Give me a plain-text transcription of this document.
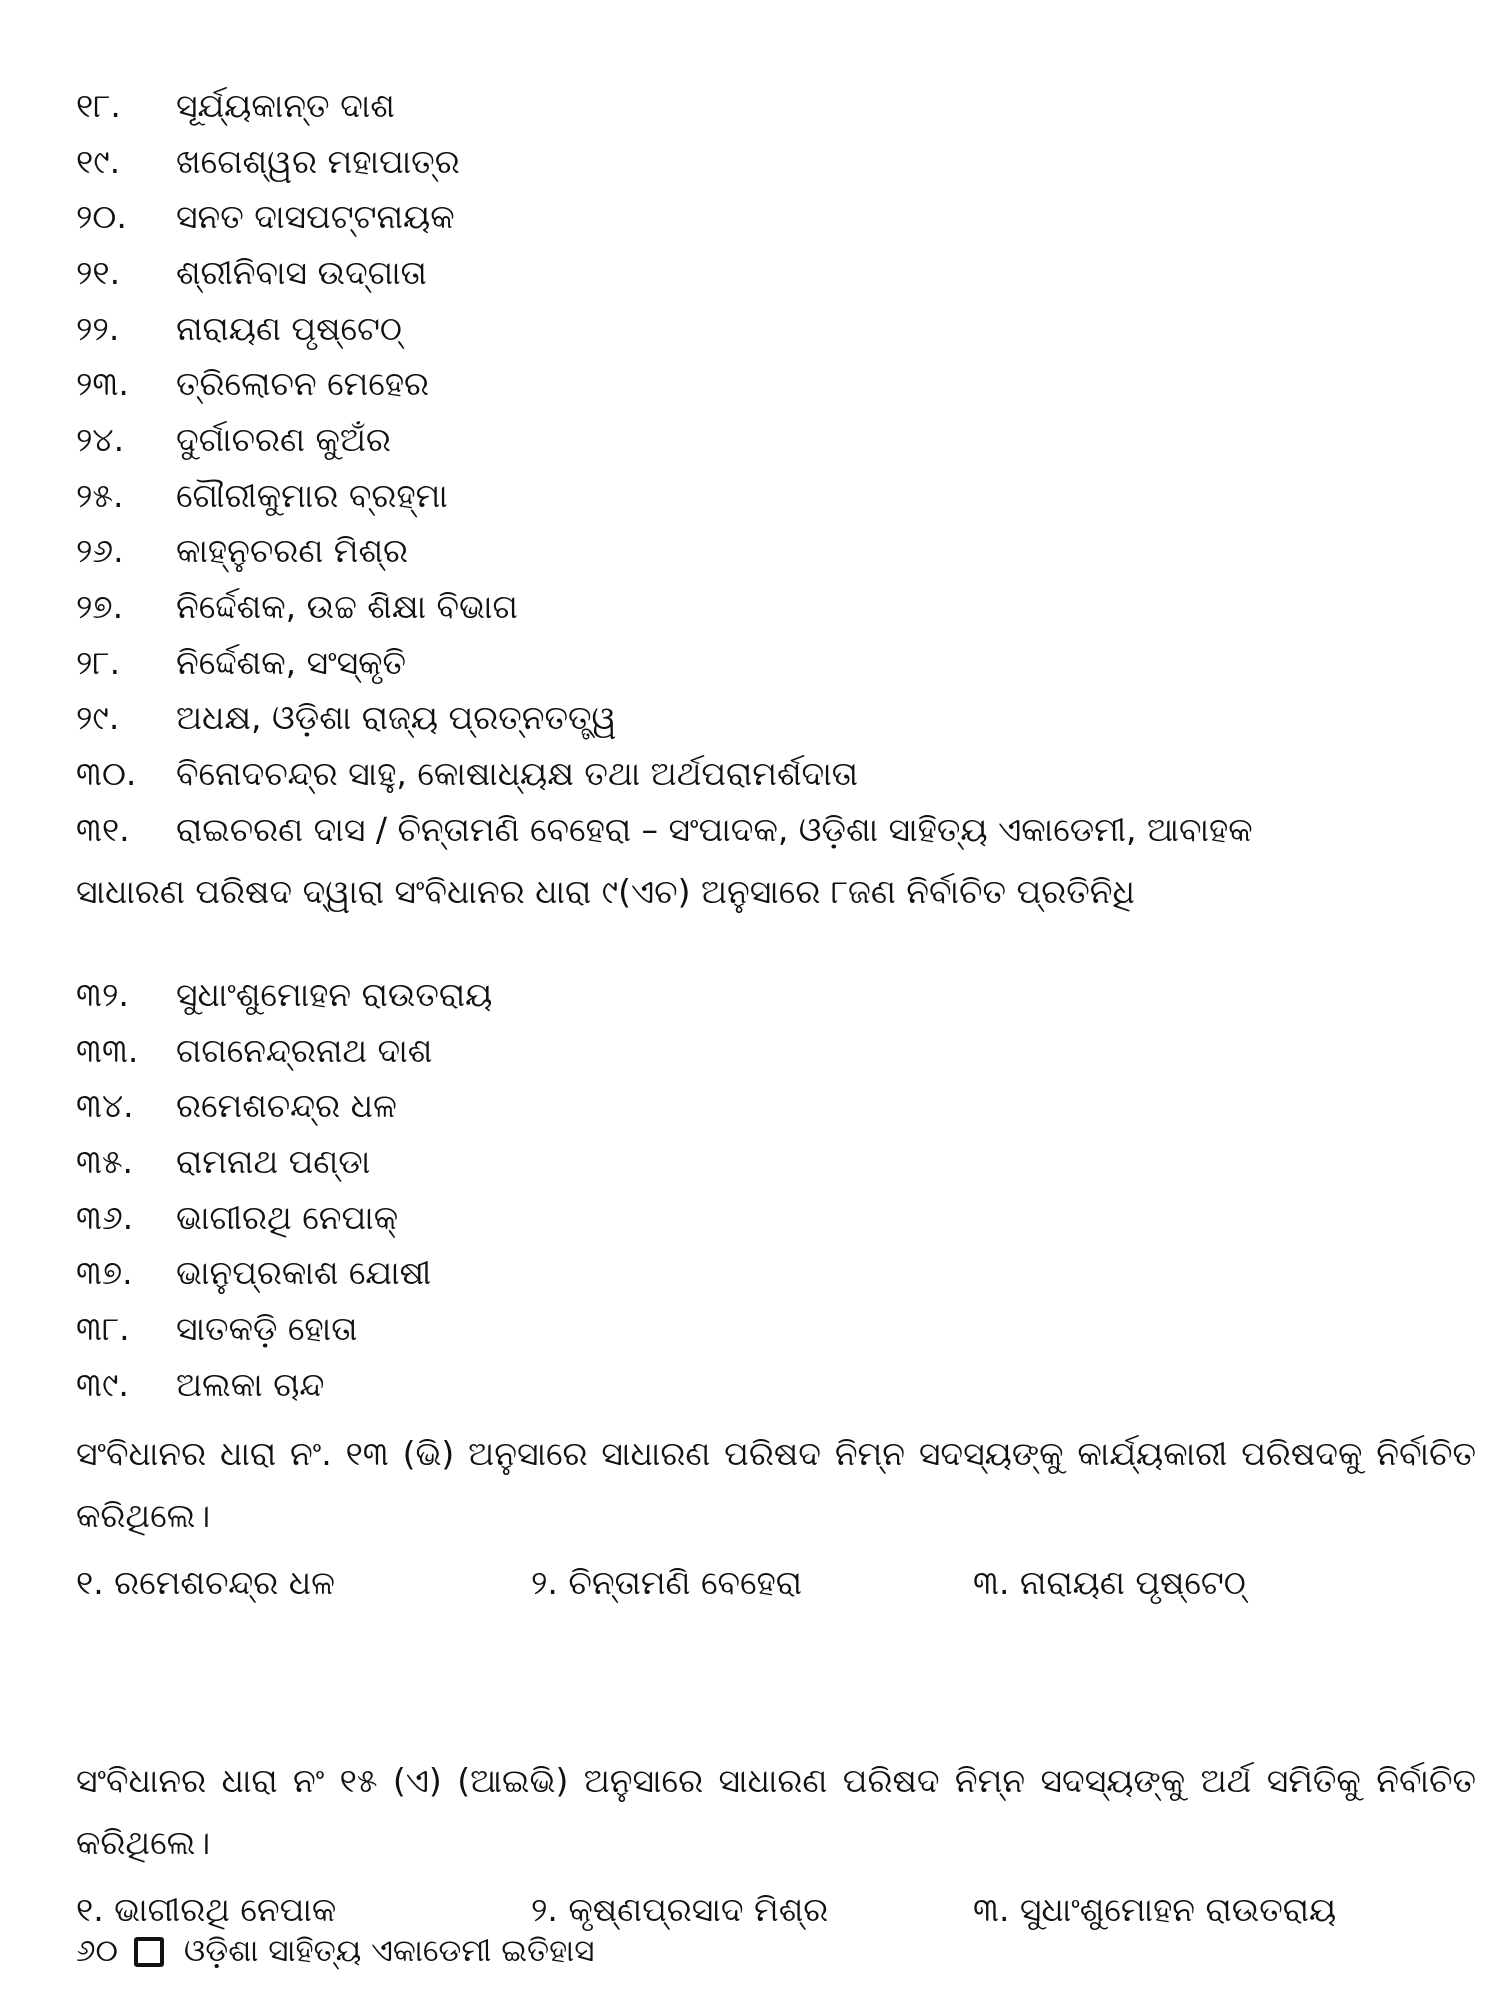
୧୮.	ସୂର୍ଯ୍ୟକାନ୍ତ ଦାଶ
୧୯.	ଖଗେଶ୍ୱର ମହାପାତ୍ର
୨୦.	ସନତ ଦାସପଟ୍ଟନାୟକ
୨୧.	ଶ୍ରୀନିବାସ ଉଦ୍‌ଗାତା
୨୨.	ନାରାୟଣ ପୃଷ୍ଟେଠ୍
୨୩.	ତ୍ରିଲୋଚନ ମେହେର
୨୪.	ଦୁର୍ଗାଚରଣ କୁଅଁର
୨୫.	ଗୌରୀକୁମାର ବ୍ରହ୍ମା
୨୬.	କାହ୍ନୁଚରଣ ମିଶ୍ର
୨୭.	ନିର୍ଦ୍ଦେଶକ, ଉଚ୍ଚ ଶିକ୍ଷା ବିଭାଗ
୨୮.	ନିର୍ଦ୍ଦେଶକ, ସଂସ୍କୃତି
୨୯.	ଅଧକ୍ଷ, ଓଡ଼ିଶା ରାଜ୍ୟ ପ୍ରତ୍ନତତ୍ତ୍ୱ
୩୦.	ବିନୋଦଚନ୍ଦ୍ର ସାହୁ, କୋଷାଧ୍ୟକ୍ଷ ତଥା ଅର୍ଥପରାମର୍ଶଦାତା
୩୧.	ରାଇଚରଣ ଦାସ / ଚିନ୍ତାମଣି ବେହେରା – ସଂପାଦକ, ଓଡ଼ିଶା ସାହିତ୍ୟ ଏକାଡେମୀ, ଆବାହକ
ସାଧାରଣ ପରିଷଦ ଦ୍ୱାରା ସଂବିଧାନର ଧାରା ୯(ଏଚ) ଅନୁସାରେ ୮ଜଣ ନିର୍ବାଚିତ ପ୍ରତିନିଧି
୩୨.	ସୁଧାଂଶୁମୋହନ ରାଉତରାୟ
୩୩.	ଗଗନେନ୍ଦ୍ରନାଥ ଦାଶ
୩୪.	ରମେଶଚନ୍ଦ୍ର ଧଳ
୩୫.	ରାମନାଥ ପଣ୍ଡା
୩୬.	ଭାଗୀରଥି ନେପାକ୍
୩୭.	ଭାନୁପ୍ରକାଶ ଯୋଷୀ
୩୮.	ସାତକଡ଼ି ହୋତା
୩୯.	ଅଲକା ଚାନ୍ଦ

ସଂବିଧାନର ଧାରା ନଂ. ୧୩ (ଭି) ଅନୁସାରେ ସାଧାରଣ ପରିଷଦ ନିମ୍ନ ସଦସ୍ୟଙ୍କୁ କାର୍ଯ୍ୟକାରୀ ପରିଷଦକୁ ନିର୍ବାଚିତ କରିଥିଲେ।

୧. ରମେଶଚନ୍ଦ୍ର ଧଳ	୨. ଚିନ୍ତାମଣି ବେହେରା	୩. ନାରାୟଣ ପୃଷ୍ଟେଠ୍

ସଂବିଧାନର ଧାରା ନଂ ୧୫ (ଏ) (ଆଇଭି) ଅନୁସାରେ ସାଧାରଣ ପରିଷଦ ନିମ୍ନ ସଦସ୍ୟଙ୍କୁ ଅର୍ଥ ସମିତିକୁ ନିର୍ବାଚିତ କରିଥିଲେ।

୧. ଭାଗୀରଥି ନେପାକ	୨. କୃଷ୍ଣପ୍ରସାଦ ମିଶ୍ର	୩. ସୁଧାଂଶୁମୋହନ ରାଉତରାୟ
୬୦ ଓଡ଼ିଶା ସାହିତ୍ୟ ଏକାଡେମୀ ଇତିହାସ
